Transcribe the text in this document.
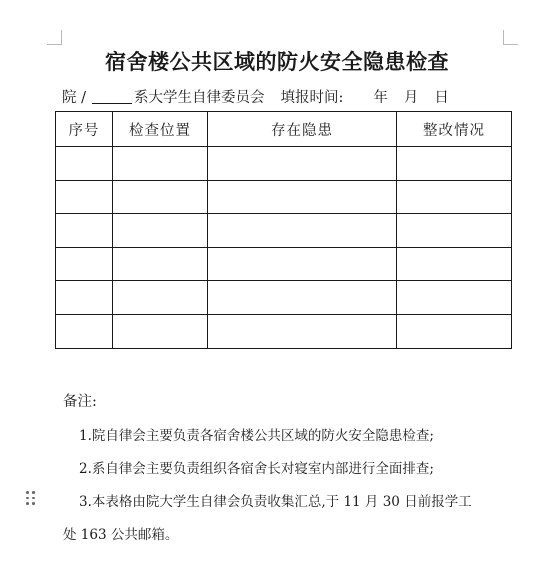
宿舍楼公共区域的防火安全隐患检查
院 /	系大学生自律委员会 填报时间: 年 月 日
序号	检查位置	存在隐患	整改情况

备注:
1.院自律会主要负责各宿舍楼公共区域的防火安全隐患检查;
2.系自律会主要负责组织各宿舍长对寝室内部进行全面排查;
3.本表格由院大学生自律会负责收集汇总,于 11 月 30 日前报学工
处 163 公共邮箱。
